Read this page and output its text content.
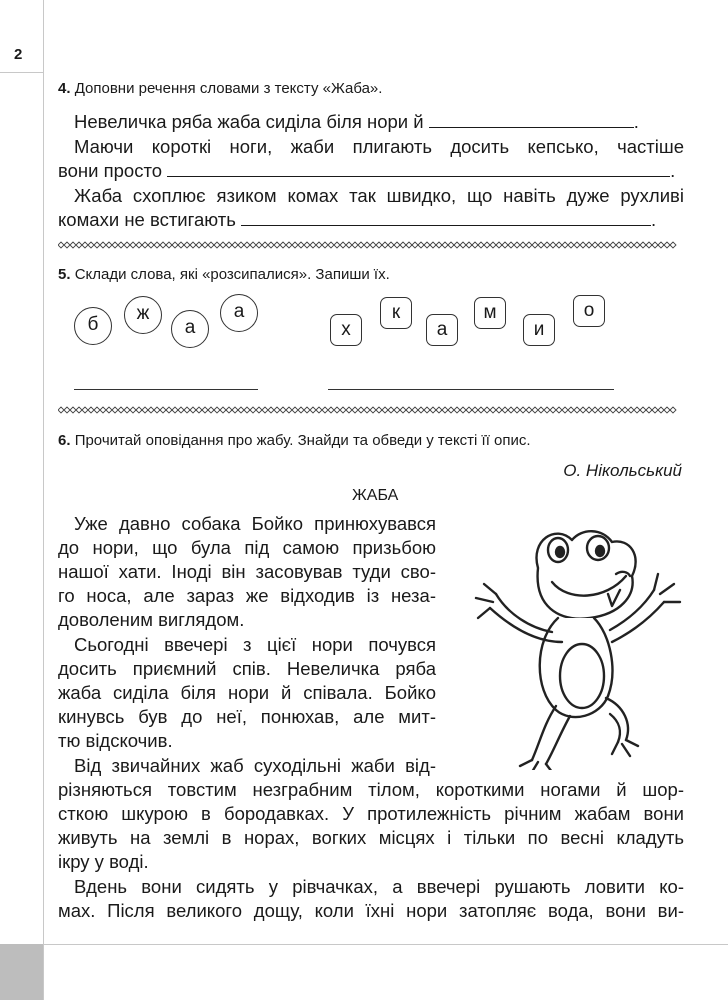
2
4. Доповни речення словами з тексту «Жаба».
Невеличка ряба жаба сиділа біля нори й	.
Маючи короткі ноги, жаби плигають досить кепсько, частіше
вони просто	.
Жаба схоплює язиком комах так швидко, що навіть дуже рухливі
комахи не встигають	.
5. Склади слова, які «розсипалися». Запиши їх.
б
ж
а
а
х
к
а
м
и
о
6. Прочитай оповідання про жабу. Знайди та обведи у тексті її опис.
О. Нікольський
ЖАБА
Уже давно собака Бойко принюхувався
до нори, що була під самою призьбою
нашої хати. Іноді він засовував туди сво-
го носа, але зараз же відходив із неза-
доволеним виглядом.
Сьогодні ввечері з цієї нори почувся
досить приємний спів. Невеличка ряба
жаба сиділа біля нори й співала. Бойко
кинувсь був до неї, понюхав, але мит-
тю відскочив.
Від звичайних жаб суходільні жаби від-
різняються товстим незграбним тілом, короткими ногами й шор-
сткою шкурою в бородавках. У протилежність річним жабам вони
живуть на землі в норах, вогких місцях і тільки по весні кладуть
ікру у воді.
Вдень вони сидять у рівчачках, а ввечері рушають ловити ко-
мах. Після великого дощу, коли їхні нори затопляє вода, вони ви-
